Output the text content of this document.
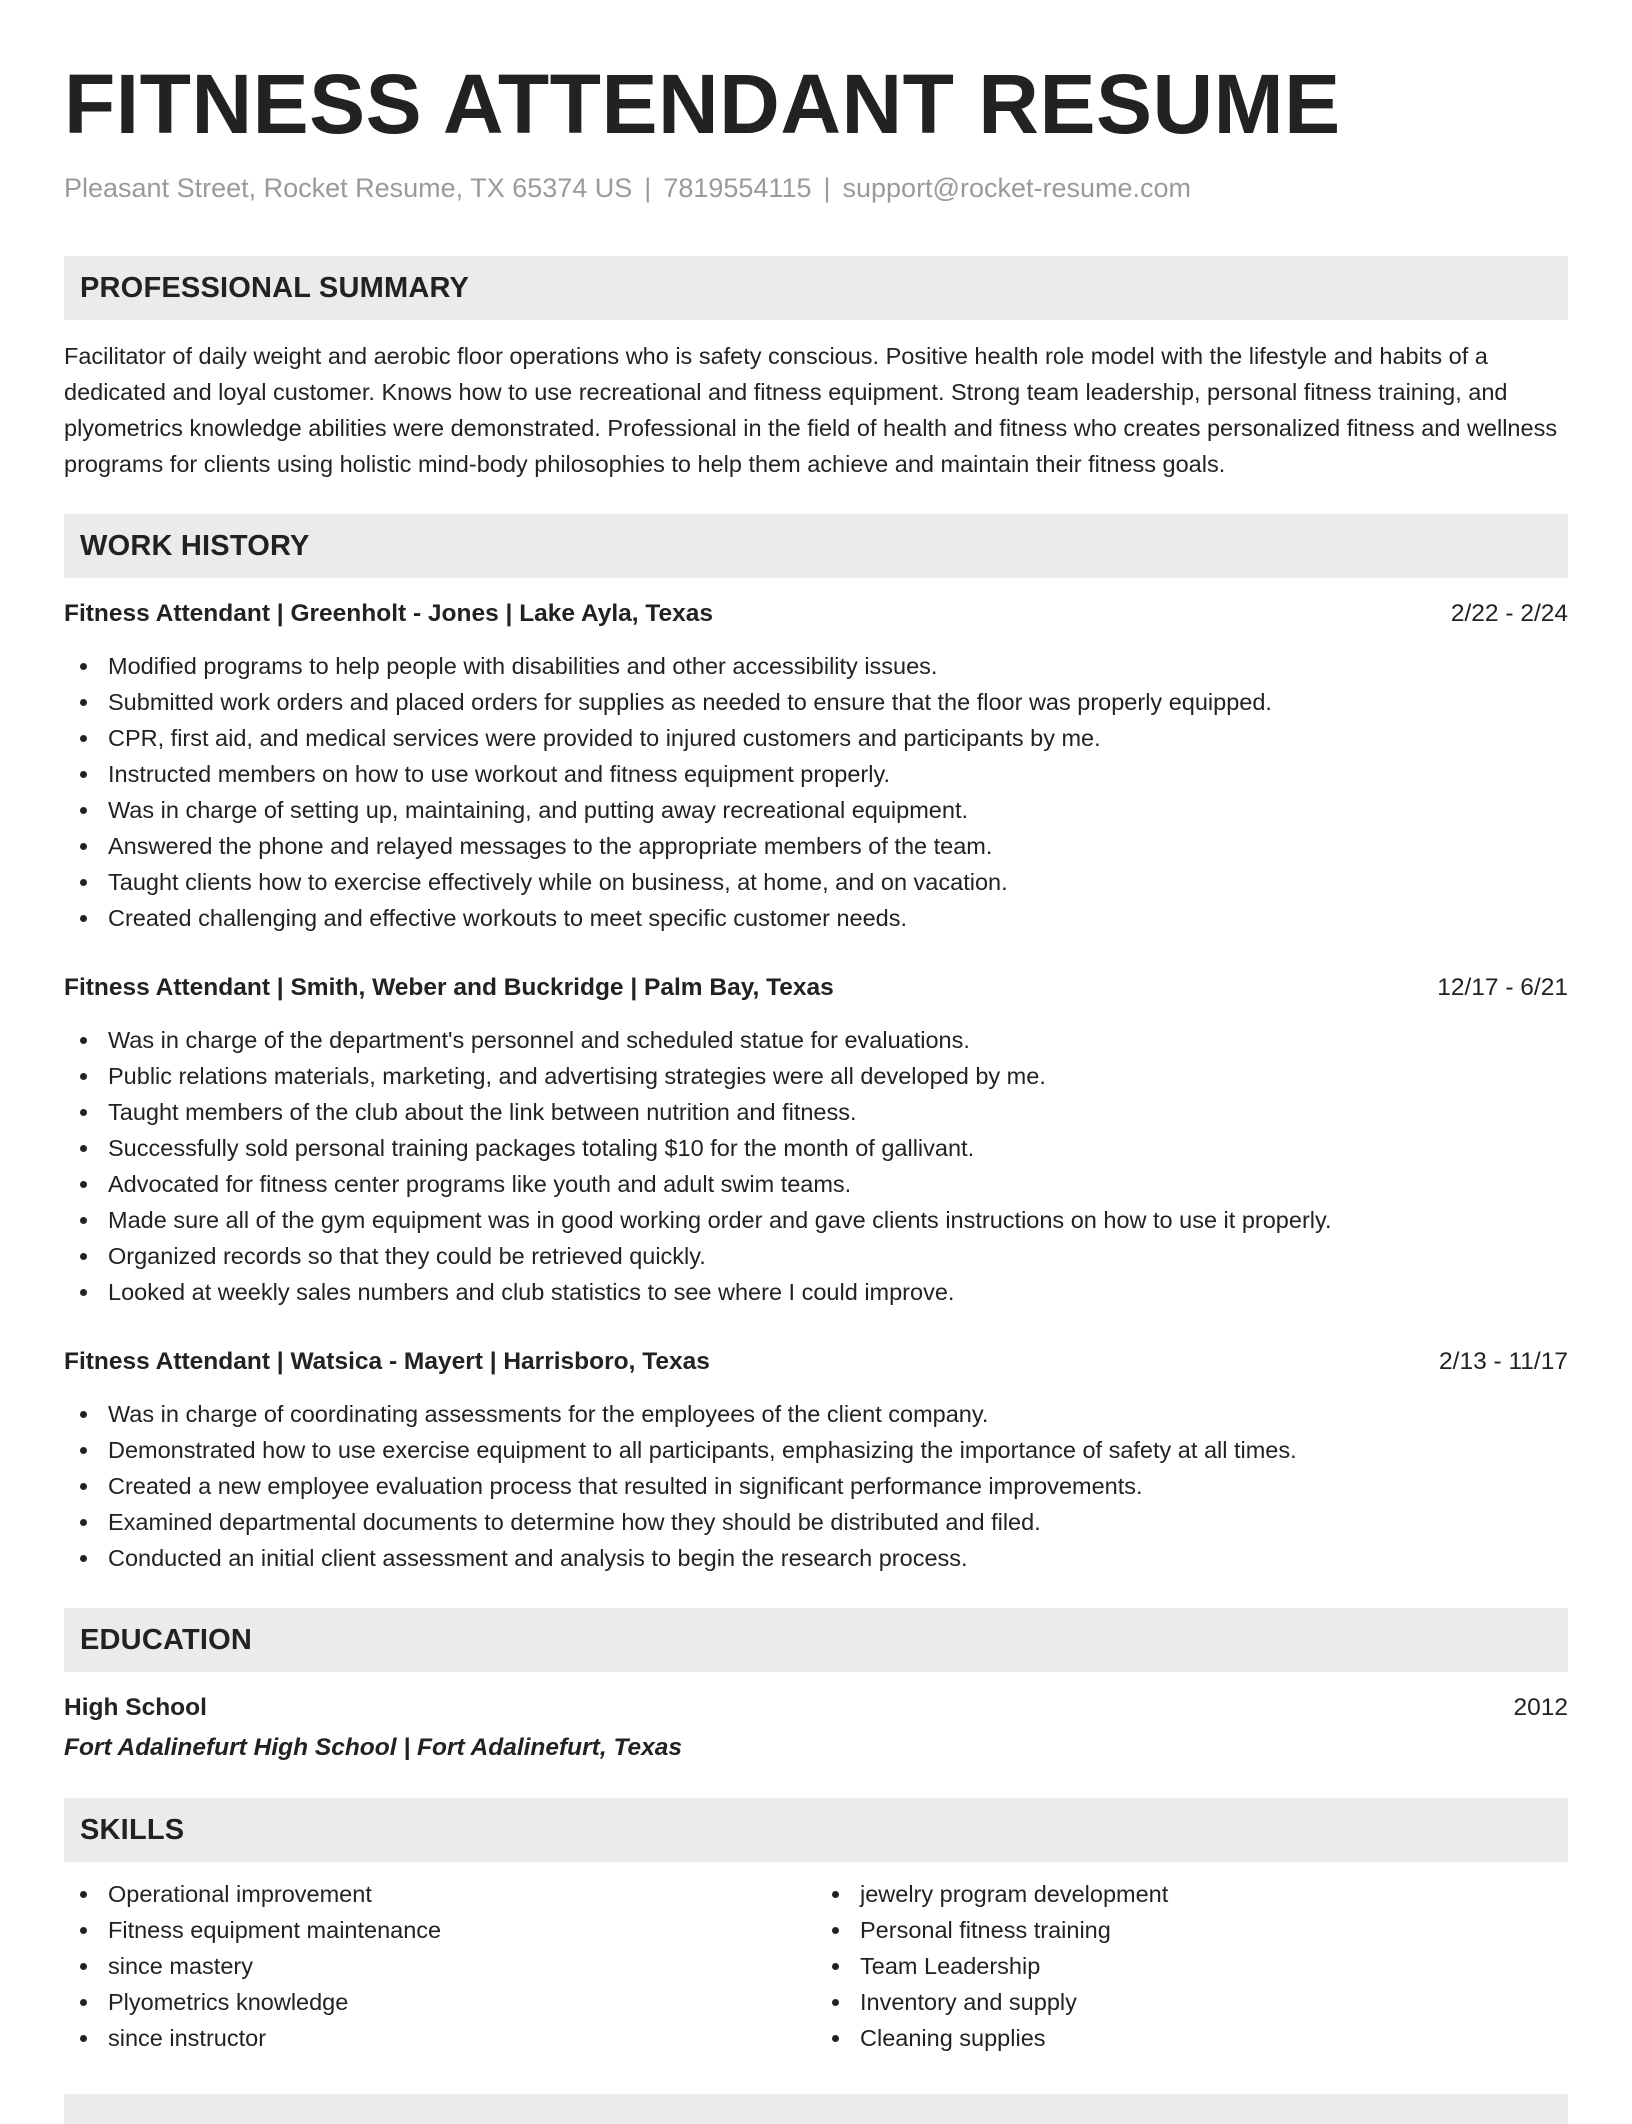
FITNESS ATTENDANT RESUME
Pleasant Street, Rocket Resume, TX 65374 US | 7819554115 | support@rocket-resume.com
PROFESSIONAL SUMMARY
Facilitator of daily weight and aerobic floor operations who is safety conscious. Positive health role model with the lifestyle and habits of a dedicated and loyal customer. Knows how to use recreational and fitness equipment. Strong team leadership, personal fitness training, and plyometrics knowledge abilities were demonstrated. Professional in the field of health and fitness who creates personalized fitness and wellness programs for clients using holistic mind-body philosophies to help them achieve and maintain their fitness goals.
WORK HISTORY
Fitness Attendant | Greenholt - Jones | Lake Ayla, Texas	2/22 - 2/24
Modified programs to help people with disabilities and other accessibility issues.
Submitted work orders and placed orders for supplies as needed to ensure that the floor was properly equipped.
CPR, first aid, and medical services were provided to injured customers and participants by me.
Instructed members on how to use workout and fitness equipment properly.
Was in charge of setting up, maintaining, and putting away recreational equipment.
Answered the phone and relayed messages to the appropriate members of the team.
Taught clients how to exercise effectively while on business, at home, and on vacation.
Created challenging and effective workouts to meet specific customer needs.
Fitness Attendant | Smith, Weber and Buckridge | Palm Bay, Texas	12/17 - 6/21
Was in charge of the department's personnel and scheduled statue for evaluations.
Public relations materials, marketing, and advertising strategies were all developed by me.
Taught members of the club about the link between nutrition and fitness.
Successfully sold personal training packages totaling $10 for the month of gallivant.
Advocated for fitness center programs like youth and adult swim teams.
Made sure all of the gym equipment was in good working order and gave clients instructions on how to use it properly.
Organized records so that they could be retrieved quickly.
Looked at weekly sales numbers and club statistics to see where I could improve.
Fitness Attendant | Watsica - Mayert | Harrisboro, Texas	2/13 - 11/17
Was in charge of coordinating assessments for the employees of the client company.
Demonstrated how to use exercise equipment to all participants, emphasizing the importance of safety at all times.
Created a new employee evaluation process that resulted in significant performance improvements.
Examined departmental documents to determine how they should be distributed and filed.
Conducted an initial client assessment and analysis to begin the research process.
EDUCATION
High School	2012
Fort Adalinefurt High School | Fort Adalinefurt, Texas
SKILLS
Operational improvement
Fitness equipment maintenance
since mastery
Plyometrics knowledge
since instructor
jewelry program development
Personal fitness training
Team Leadership
Inventory and supply
Cleaning supplies
